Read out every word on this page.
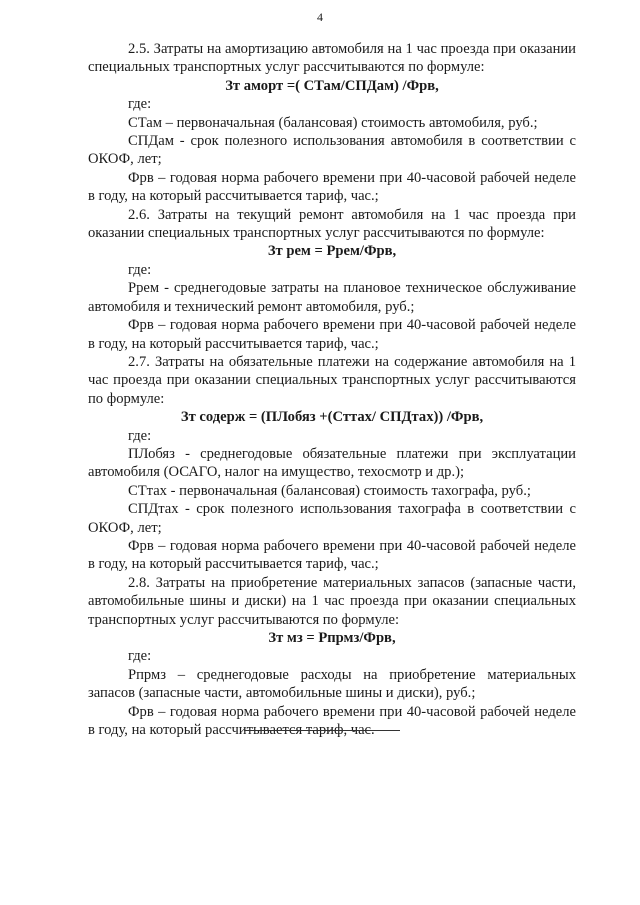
4

2.5. Затраты на амортизацию автомобиля на 1 час проезда при оказании специальных транспортных услуг рассчитываются по формуле:

Зт аморт =( СТам/СПДам) /Фрв,

где:

СТам – первоначальная (балансовая) стоимость автомобиля, руб.;

СПДам - срок полезного использования автомобиля в соответствии с ОКОФ, лет;

Фрв – годовая норма рабочего времени при 40-часовой рабочей неделе в году, на который рассчитывается тариф, час.;

2.6. Затраты на текущий ремонт автомобиля на 1 час проезда при оказании специальных транспортных услуг рассчитываются по формуле:

Зт рем = Ррем/Фрв,

где:

Ррем - среднегодовые затраты на плановое техническое обслуживание автомобиля и технический ремонт автомобиля, руб.;

Фрв – годовая норма рабочего времени при 40-часовой рабочей неделе в году, на который рассчитывается тариф, час.;

2.7. Затраты на обязательные платежи на содержание автомобиля на 1 час проезда при оказании специальных транспортных услуг рассчитываются по формуле:

Зт содерж = (ПЛобяз +(Сттах/ СПДтах)) /Фрв,

где:

ПЛобяз - среднегодовые обязательные платежи при эксплуатации автомобиля (ОСАГО, налог на имущество, техосмотр и др.);

СТтах - первоначальная (балансовая) стоимость тахографа, руб.;

СПДтах - срок полезного использования тахографа в соответствии с ОКОФ, лет;

Фрв – годовая норма рабочего времени при 40-часовой рабочей неделе в году, на который рассчитывается тариф, час.;

2.8. Затраты на приобретение материальных запасов (запасные части, автомобильные шины и диски) на 1 час проезда при оказании специальных транспортных услуг рассчитываются по формуле:

Зт мз = Рпрмз/Фрв,

где:

Рпрмз – среднегодовые расходы на приобретение материальных запасов (запасные части, автомобильные шины и диски), руб.;

Фрв – годовая норма рабочего времени при 40-часовой рабочей неделе в году, на который рассчитывается тариф, час.
